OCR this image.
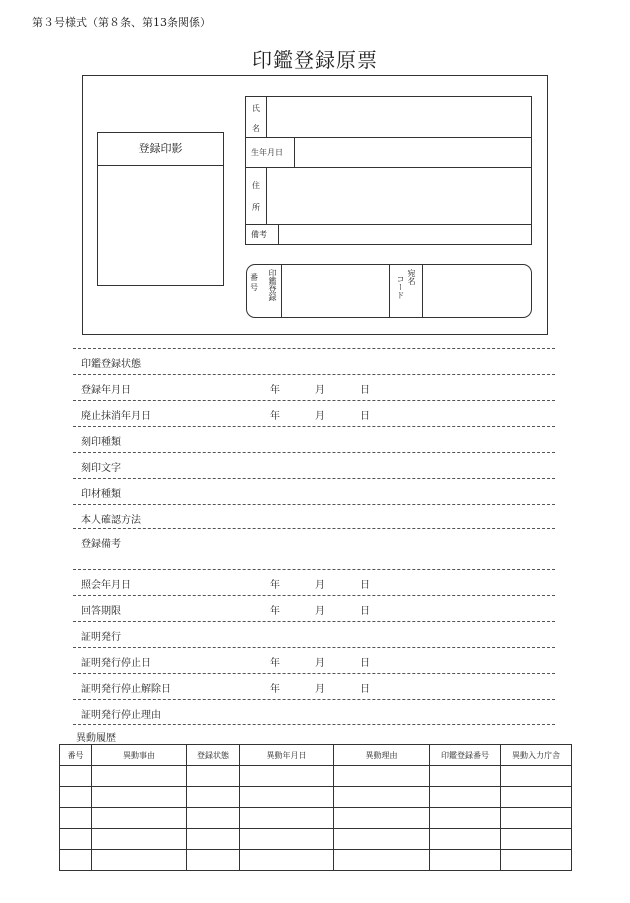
第３号様式（第８条、第13条関係）
印鑑登録原票
登録印影
氏
名
生年月日
住
所
備考
番号 印鑑登録	コード 宛名
印鑑登録状態
登録年月日	年	月	日
廃止抹消年月日	年	月	日
刻印種類
刻印文字
印材種類
本人確認方法
登録備考
照会年月日	年	月	日
回答期限	年	月	日
証明発行
証明発行停止日	年	月	日
証明発行停止解除日	年	月	日
証明発行停止理由
異動履歴
番号	異動事由	登録状態	異動年月日	異動理由	印鑑登録番号	異動入力庁舎
